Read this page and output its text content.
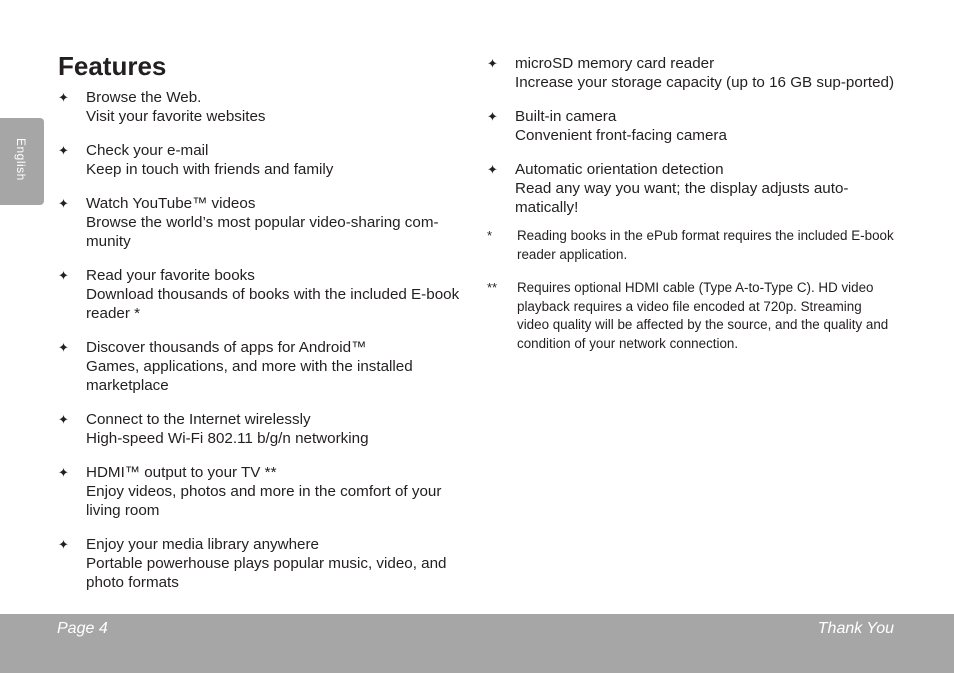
English
Features
✦ Browse the Web.
Visit your favorite websites
✦ Check your e-mail
Keep in touch with friends and family
✦ Watch YouTube™ videos
Browse the world’s most popular video-sharing com-munity
✦ Read your favorite books
Download thousands of books with the included E-book reader *
✦ Discover thousands of apps for Android™
Games, applications, and more with the installed marketplace
✦ Connect to the Internet wirelessly
High-speed Wi-Fi 802.11 b/g/n networking
✦ HDMI™ output to your TV **
Enjoy videos, photos and more in the comfort of your living room
✦ Enjoy your media library anywhere
Portable powerhouse plays popular music, video, and photo formats
✦ microSD memory card reader
Increase your storage capacity (up to 16 GB sup-ported)
✦ Built-in camera
Convenient front-facing camera
✦ Automatic orientation detection
Read any way you want; the display adjusts auto-matically!
* Reading books in the ePub format requires the included E-book reader application.
** Requires optional HDMI cable (Type A-to-Type C). HD video playback requires a video file encoded at 720p. Streaming video quality will be affected by the source, and the quality and condition of your network connection.
Page 4	Thank You
